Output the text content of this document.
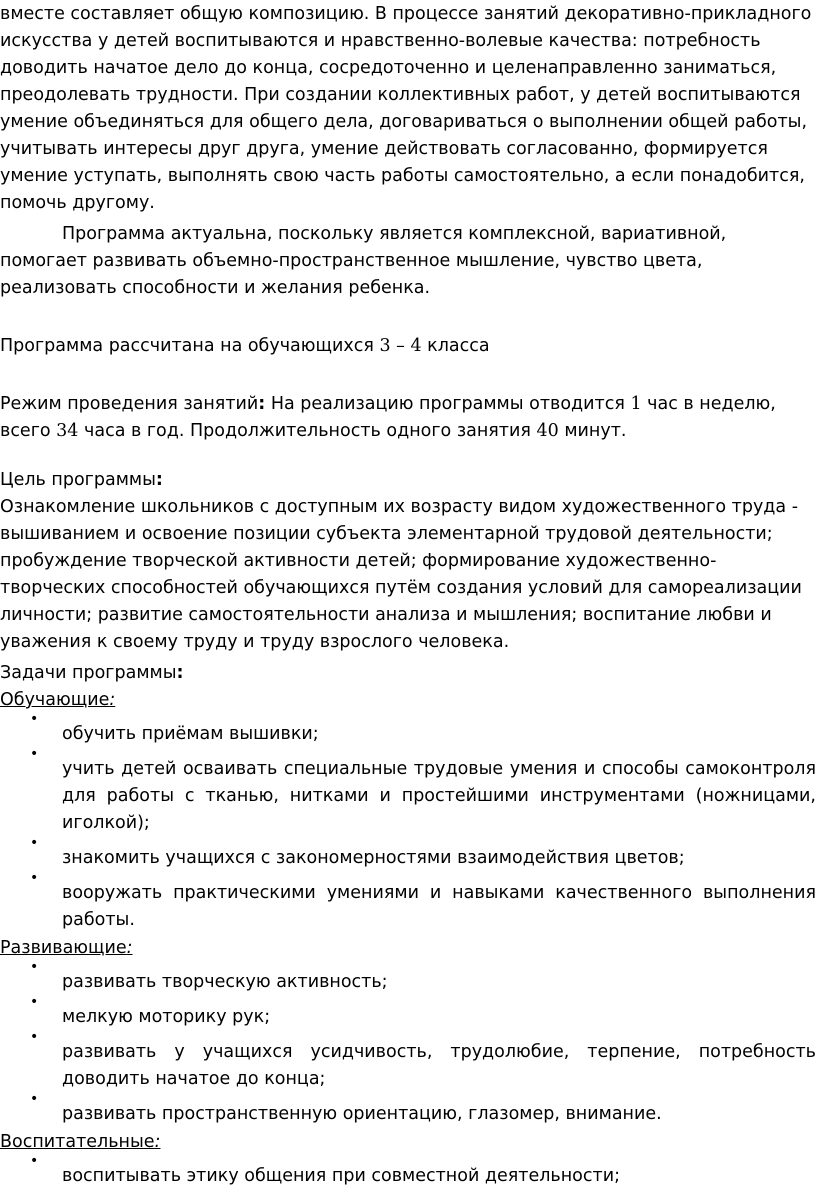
вместе составляет общую композицию. В процессе занятий декоративно-прикладного искусства у детей воспитываются и нравственно-волевые качества: потребность доводить начатое дело до конца, сосредоточенно и целенаправленно заниматься, преодолевать трудности. При создании коллективных работ, у детей воспитываются умение объединяться для общего дела, договариваться о выполнении общей работы, учитывать интересы друг друга, умение действовать согласованно, формируется умение уступать, выполнять свою часть работы самостоятельно, а если понадобится, помочь другому.

Программа актуальна, поскольку является комплексной, вариативной, помогает развивать объемно-пространственное мышление, чувство цвета, реализовать способности и желания ребенка.

Программа рассчитана на обучающихся 3 – 4 класса

Режим проведения занятий: На реализацию программы отводится 1 час в неделю, всего 34 часа в год. Продолжительность одного занятия 40 минут.

Цель программы:

Ознакомление школьников с доступным их возрасту видом художественного труда - вышиванием и освоение позиции субъекта элементарной трудовой деятельности; пробуждение творческой активности детей; формирование художественно-творческих способностей обучающихся путём создания условий для самореализации личности; развитие самостоятельности анализа и мышления; воспитание любви и уважения к своему труду и труду взрослого человека.

Задачи программы:

Обучающие:

•
обучить приёмам вышивки;
•
учить детей осваивать специальные трудовые умения и способы самоконтроля для работы с тканью, нитками и простейшими инструментами (ножницами, иголкой);
•
знакомить учащихся с закономерностями взаимодействия цветов;
•
вооружать практическими умениями и навыками качественного выполнения работы.

Развивающие:

•
развивать творческую активность;
•
мелкую моторику рук;
•
развивать у учащихся усидчивость, трудолюбие, терпение, потребность доводить начатое до конца;
•
развивать пространственную ориентацию, глазомер, внимание.

Воспитательные:

•
воспитывать этику общения при совместной деятельности;
